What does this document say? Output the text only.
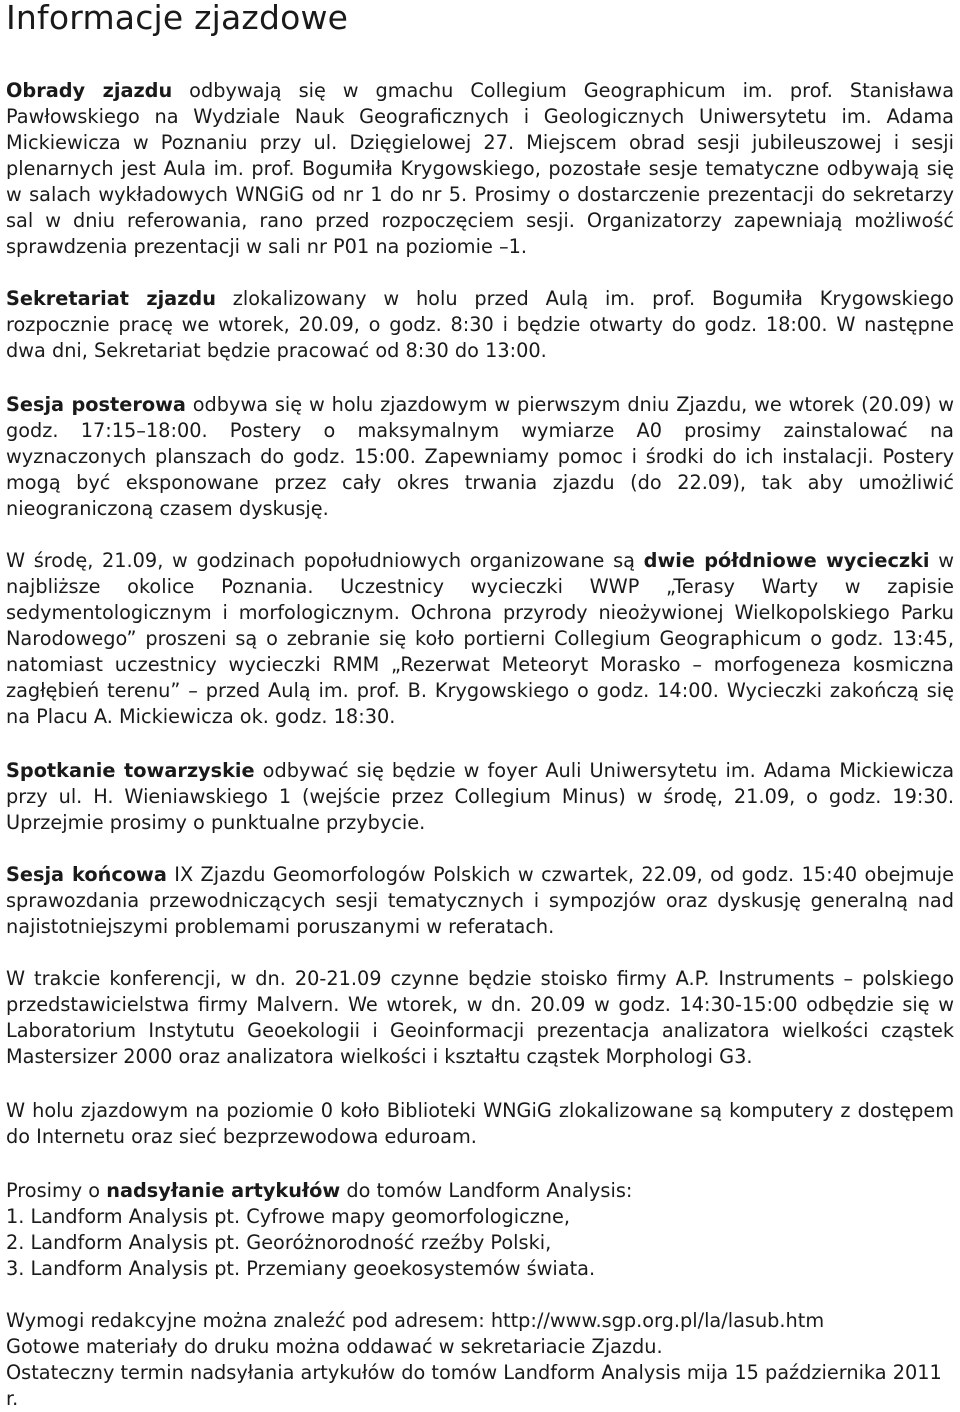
Informacje zjazdowe

Obrady zjazdu odbywają się w gmachu Collegium Geographicum im. prof. Stanisława Pawłowskiego na Wydziale Nauk Geograficznych i Geologicznych Uniwersytetu im. Adama Mickiewicza w Poznaniu przy ul. Dzięgielowej 27. Miejscem obrad sesji jubileuszowej i sesji plenarnych jest Aula im. prof. Bogumiła Krygowskiego, pozostałe sesje tematyczne odbywają się w salach wykładowych WNGiG od nr 1 do nr 5. Prosimy o dostarczenie prezentacji do sekretarzy sal w dniu referowania, rano przed rozpoczęciem sesji. Organizatorzy zapewniają możliwość sprawdzenia prezentacji w sali nr P01 na poziomie –1.

Sekretariat zjazdu zlokalizowany w holu przed Aulą im. prof. Bogumiła Krygowskiego rozpocznie pracę we wtorek, 20.09, o godz. 8:30 i będzie otwarty do godz. 18:00. W następne dwa dni, Sekretariat będzie pracować od 8:30 do 13:00.

Sesja posterowa odbywa się w holu zjazdowym w pierwszym dniu Zjazdu, we wtorek (20.09) w godz. 17:15–18:00. Postery o maksymalnym wymiarze A0 prosimy zainstalować na wyznaczonych planszach do godz. 15:00. Zapewniamy pomoc i środki do ich instalacji. Postery mogą być eksponowane przez cały okres trwania zjazdu (do 22.09), tak aby umożliwić nieograniczoną czasem dyskusję.

W środę, 21.09, w godzinach popołudniowych organizowane są dwie półdniowe wycieczki w najbliższe okolice Poznania. Uczestnicy wycieczki WWP „Terasy Warty w zapisie sedymentologicznym i morfologicznym. Ochrona przyrody nieożywionej Wielkopolskiego Parku Narodowego” proszeni są o zebranie się koło portierni Collegium Geographicum o godz. 13:45, natomiast uczestnicy wycieczki RMM „Rezerwat Meteoryt Morasko – morfogeneza kosmiczna zagłębień terenu” – przed Aulą im. prof. B. Krygowskiego o godz. 14:00. Wycieczki zakończą się na Placu A. Mickiewicza ok. godz. 18:30.

Spotkanie towarzyskie odbywać się będzie w foyer Auli Uniwersytetu im. Adama Mickiewicza przy ul. H. Wieniawskiego 1 (wejście przez Collegium Minus) w środę, 21.09, o godz. 19:30. Uprzejmie prosimy o punktualne przybycie.

Sesja końcowa IX Zjazdu Geomorfologów Polskich w czwartek, 22.09, od godz. 15:40 obejmuje sprawozdania przewodniczących sesji tematycznych i sympozjów oraz dyskusję generalną nad najistotniejszymi problemami poruszanymi w referatach.

W trakcie konferencji, w dn. 20-21.09 czynne będzie stoisko firmy A.P. Instruments – polskiego przedstawicielstwa firmy Malvern. We wtorek, w dn. 20.09 w godz. 14:30-15:00 odbędzie się w Laboratorium Instytutu Geoekologii i Geoinformacji prezentacja analizatora wielkości cząstek Mastersizer 2000 oraz analizatora wielkości i kształtu cząstek Morphologi G3.

W holu zjazdowym na poziomie 0 koło Biblioteki WNGiG zlokalizowane są komputery z dostępem do Internetu oraz sieć bezprzewodowa eduroam.

Prosimy o nadsyłanie artykułów do tomów Landform Analysis:
1. Landform Analysis pt. Cyfrowe mapy geomorfologiczne,
2. Landform Analysis pt. Georóżnorodność rzeźby Polski,
3. Landform Analysis pt. Przemiany geoekosystemów świata.
Wymogi redakcyjne można znaleźć pod adresem: http://www.sgp.org.pl/la/lasub.htm
Gotowe materiały do druku można oddawać w sekretariacie Zjazdu.
Ostateczny termin nadsyłania artykułów do tomów Landform Analysis mija 15 października 2011 r.
